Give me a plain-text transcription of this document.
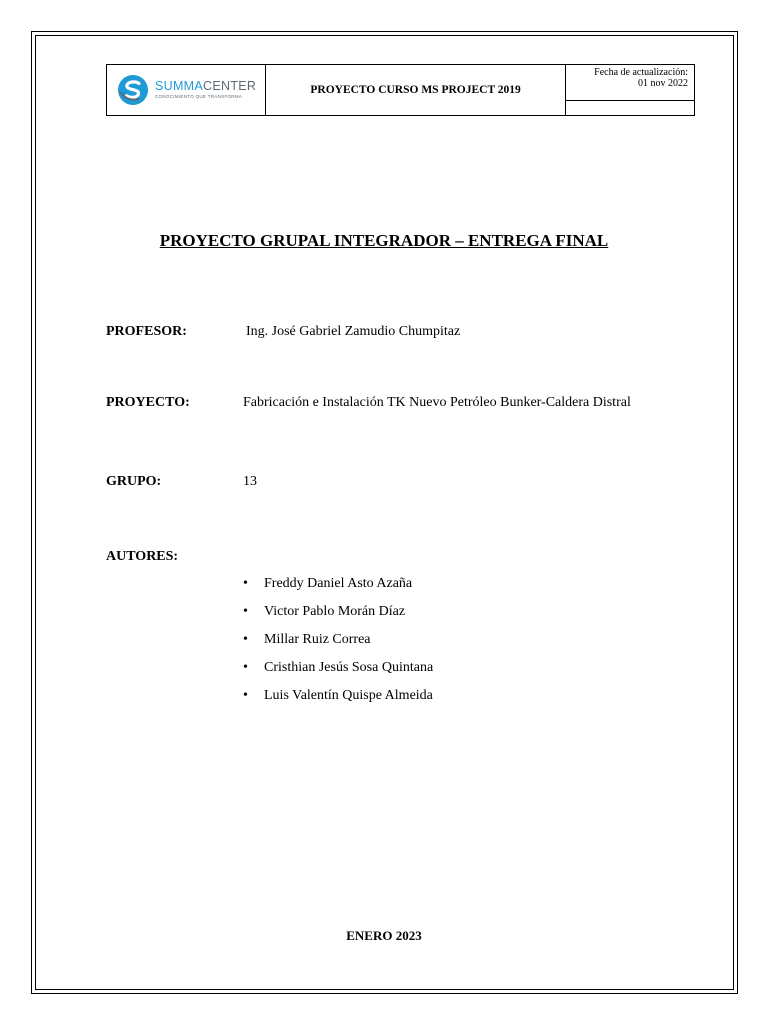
SUMMACENTER
CONOCIMIENTO QUE TRANSFORMA
	PROYECTO CURSO MS PROJECT 2019	
Fecha de actualización:
01 nov 2022

PROYECTO GRUPAL INTEGRADOR – ENTREGA FINAL
PROFESOR:	Ing. José Gabriel Zamudio Chumpitaz
PROYECTO:	Fabricación e Instalación TK Nuevo Petróleo Bunker-Caldera Distral
GRUPO:	13
AUTORES:
•	Freddy Daniel Asto Azaña
•	Victor Pablo Morán Díaz
•	Millar Ruiz Correa
•	Cristhian Jesús Sosa Quintana
•	Luis Valentín Quispe Almeida
ENERO 2023
